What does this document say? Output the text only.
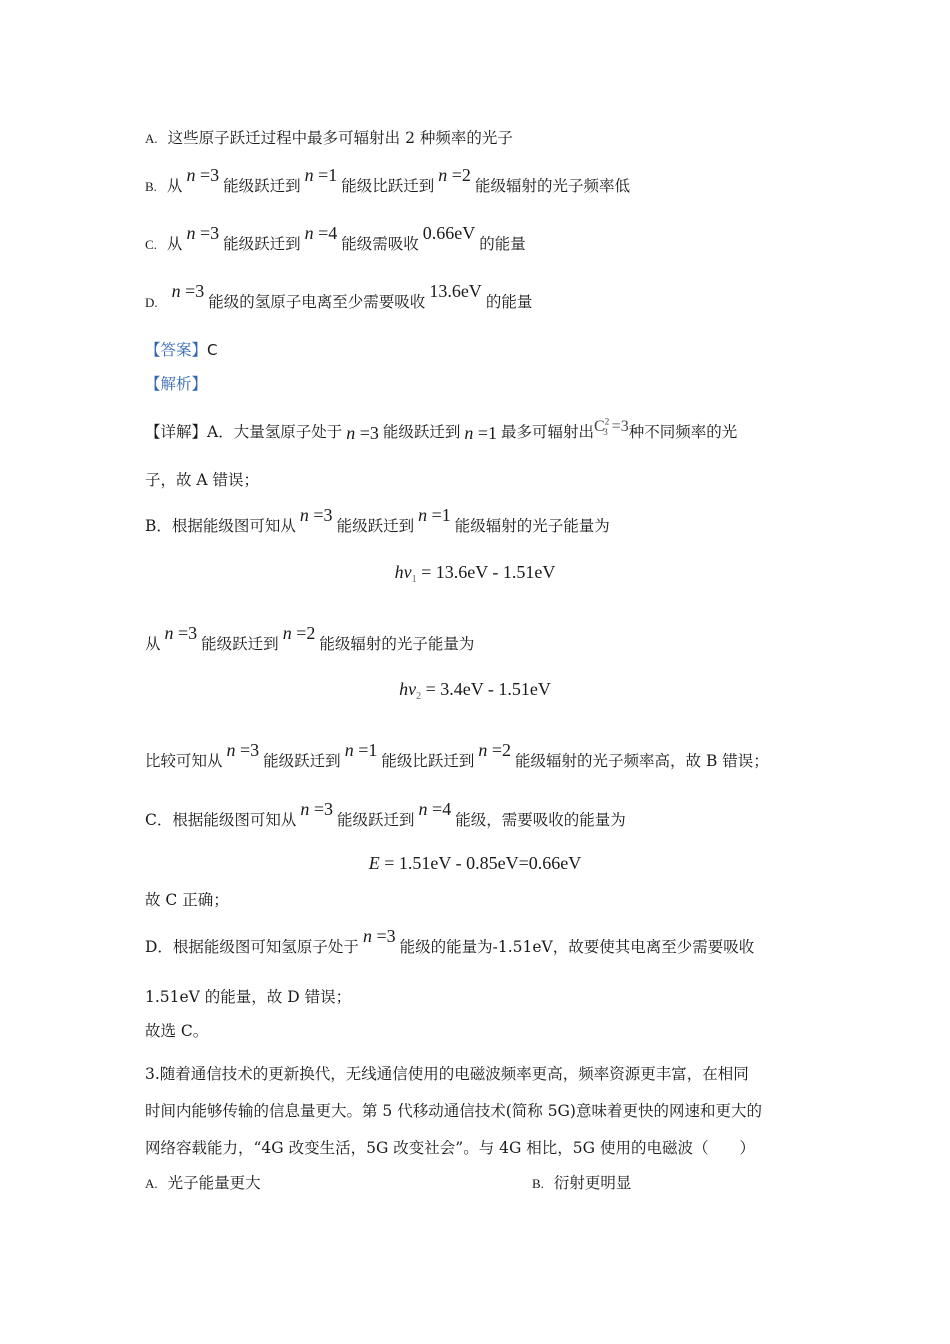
A. 这些原子跃迁过程中最多可辐射出 2 种频率的光子
B. 从n =3能级跃迁到n =1能级比跃迁到n =2能级辐射的光子频率低
C. 从n =3能级跃迁到n =4能级需吸收0.66eV的能量
D.n =3能级的氢原子电离至少需要吸收13.6eV的能量
【答案】C
【解析】
【详解】A．大量氢原子处于 n =3 能级跃迁到 n =1 最多可辐射出$C^2_3 =3$种不同频率的光
子，故 A 错误；
B．根据能级图可知从n =3能级跃迁到n =1能级辐射的光子能量为
$h\nu_1 = 13.6eV - 1.51eV$
从n =3能级跃迁到n =2能级辐射的光子能量为
$h\nu_2 = 3.4eV - 1.51eV$
比较可知从n =3能级跃迁到n =1能级比跃迁到n =2能级辐射的光子频率高，故 B 错误；
C．根据能级图可知从n =3能级跃迁到n =4能级，需要吸收的能量为
E = 1.51eV - 0.85eV=0.66eV
故 C 正确；
D．根据能级图可知氢原子处于n =3能级的能量为-1.51eV，故要使其电离至少需要吸收
1.51eV 的能量，故 D 错误；
故选 C。
3.随着通信技术的更新换代，无线通信使用的电磁波频率更高，频率资源更丰富，在相同
时间内能够传输的信息量更大。第 5 代移动通信技术(简称 5G)意味着更快的网速和更大的
网络容载能力，“4G 改变生活，5G 改变社会”。与 4G 相比，5G 使用的电磁波（　　）
A. 光子能量更大	B. 衍射更明显
